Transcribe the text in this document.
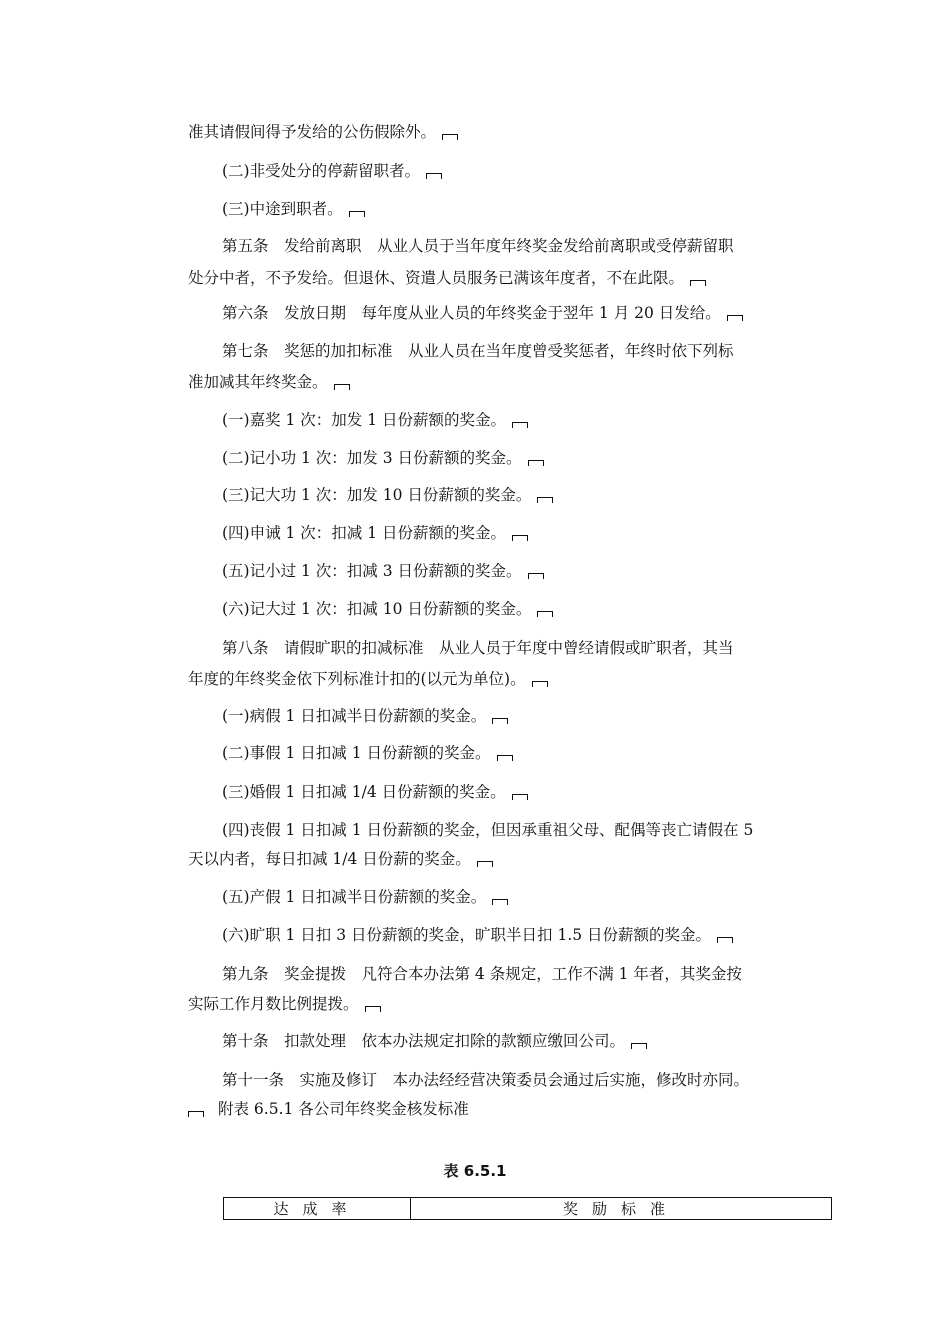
准其请假间得予发给的公伤假除外。
(二)非受处分的停薪留职者。
(三)中途到职者。
第五条　发给前离职　从业人员于当年度年终奖金发给前离职或受停薪留职
处分中者，不予发给。但退休、资遣人员服务已满该年度者，不在此限。
第六条　发放日期　每年度从业人员的年终奖金于翌年 1 月 20 日发给。
第七条　奖惩的加扣标准　从业人员在当年度曾受奖惩者，年终时依下列标
准加减其年终奖金。
(一)嘉奖 1 次：加发 1 日份薪额的奖金。
(二)记小功 1 次：加发 3 日份薪额的奖金。
(三)记大功 1 次：加发 10 日份薪额的奖金。
(四)申诫 1 次：扣减 1 日份薪额的奖金。
(五)记小过 1 次：扣减 3 日份薪额的奖金。
(六)记大过 1 次：扣减 10 日份薪额的奖金。
第八条　请假旷职的扣减标准　从业人员于年度中曾经请假或旷职者，其当
年度的年终奖金依下列标准计扣的(以元为单位)。
(一)病假 1 日扣减半日份薪额的奖金。
(二)事假 1 日扣减 1 日份薪额的奖金。
(三)婚假 1 日扣减 1/4 日份薪额的奖金。
(四)丧假 1 日扣减 1 日份薪额的奖金，但因承重祖父母、配偶等丧亡请假在 5
天以内者，每日扣减 1/4 日份薪的奖金。
(五)产假 1 日扣减半日份薪额的奖金。
(六)旷职 1 日扣 3 日份薪额的奖金，旷职半日扣 1.5 日份薪额的奖金。
第九条　奖金提拨　凡符合本办法第 4 条规定，工作不满 1 年者，其奖金按
实际工作月数比例提拨。
第十条　扣款处理　依本办法规定扣除的款额应缴回公司。
第十一条　实施及修订　本办法经经营决策委员会通过后实施，修改时亦同。
附表 6.5.1 各公司年终奖金核发标准
表 6.5.1
达成率	奖励标准
